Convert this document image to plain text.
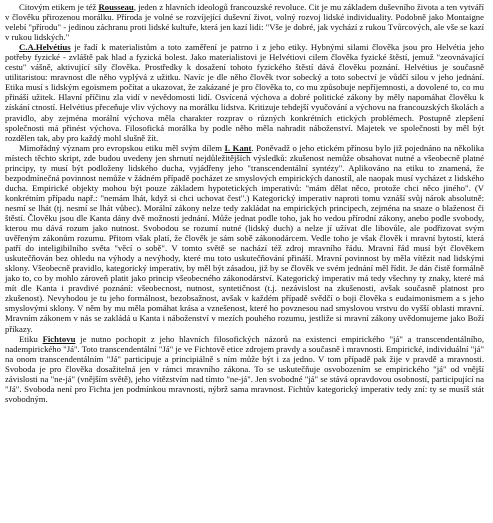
Citovým etikem je též Rousseau, jeden z hlavních ideologů francouzské revoluce. Cit je mu základem duševního života a ten vytváří v člověku přirozenou morálku. Příroda je volné se rozvíjející duševní život, volný rozvoj lidské individuality. Podobně jako Montaigne velebí "přírodu" - jedinou záchranu proti lidské kultuře, která jen kazí lidi: "Vše je dobré, jak vychází z rukou Tvůrcových, ale vše se kazí v rukou lidských."

C.A.Helvétius je řadí k materialistům a toto zaměření je patrno i z jeho etiky. Hybnými silami člověka jsou pro Helvétia jeho potřeby fyzické - zvláště pak hlad a fyzická bolest. Jako materialistovi je Helvétiovi cilem člověka fyzické štěstí, jemuž "zeovnávající cestu" vášně, aktivující síly člověka. Prostředky k dosažení tohoto fyzického štěstí dává člověku poznání. Helvétius je současně utilitaristou: mravnost dle něho vyplývá z užitku. Navíc je dle něho člověk tvor sobecký a toto sobectví je vůdčí silou v jeho jednání. Etika musí s lidským egoismem počítat a ukazovat, že zakázané je pro člověka to, co mu způsobuje nepříjemnosti, a dovolené to, co mu přináší užitek. Hlavní příčinu zla vidí v nevědomosti lidí. Osvícená výchova a dobré politické zákony by měly napomáhat člověku k získání ctností. Helvétius přeceňuje vliv výchovy na morálku lidstva. Kritizuje tehdejší vyučování a výchovu na francouzských školách a pravidlo, aby zejména morální výchova měla charakter rozprav o různých konkrétních etických problémech. Postupně zlepšení společnosti má přinést výchova. Filosofická morálka by podle něho měla nahradit náboženství. Majetek ve společnosti by měl být rozdělen tak, aby pro každý mohl slušně žít.

Mimořádný význam pro evropskou etiku měl svým dílem I. Kant. Poněvadž o jeho etickém přínosu bylo již pojednáno na několika místech těchto skript, zde budou uvedeny jen shrnutí nejdůležitějších výsledků: zkušenost nemůže obsahovat nutné a všeobecně platné principy, ty musí být podloženy lidského ducha, vyjádřeny jeho "transcendentální syntézy". Aplikováno na etiku to znamená, že bezpodmínečná povinnost nemůže v žádném případě pocházet ze smyslových empirických danostíl, ale naopak musí vycházet z lidského ducha. Empirické objekty mohou být pouze základem hypotetických imperativů: "mám dělat něco, protože chci něco jiného". (V konkrétním případu např.: "nemám lhát, když si chci uchovat čest".) Kategorický imperativ naproti tomu vznáší svůj nárok absolutně: nesmí se lhát (tj. nesmí se lhát vůbec). Morální zákony nelze tedy zakládat na empirických principech, zejména na snaze o blaženost či štěstí. Člověku jsou dle Kanta dány dvě možnosti jednání. Může jednat podle toho, jak ho vedou přírodní zákony, anebo podle svobody, kterou mu dává rozum jako nutnost. Svobodou se rozumí nutné (lidský duch) a nelze jí užívat dle libovůle, ale podřizovat svým uvěřeným zákonům rozumu. Přitom však platí, že člověk je sám sobě zákonodárcem. Vedle toho je však člověk i mravní bytostí, která patří do inteligibilního světa "věcí o sobě". V tomto světě se nachází též zdroj mravního řádu. Mravní řád musí být člověkem uskutečňován bez ohledu na výhody a nevýhody, které mu toto uskutečňování přináší. Mravní povinnost by měla vítězit nad lidskými sklony. Všeobecně pravidlo, kategorický imperativ, by měl být zásadou, již by se člověk ve svém jednání měl řídit. Je dán čistě formálně jako to, co by mohlo zároveň platit jako princip všeobecného zákonodárství. Kategorický imperativ má tedy všechny ty znaky, které má mít dle Kanta i pravdivé poznání: všeobecnost, nutnost, syntetičnost (t.j. nezávislost na zkušenosti, avšak současně platnost pro zkušenost). Nevyhodou je tu jeho formálnost, bezobsažnost, avšak v každém případě svědčí o boji člověka s eudaimonismem a s jeho smyslovými sklony. V něm by mu měla pomáhat krása a vznešenost, které ho povznesou nad smyslovou vrstvu do vyšší oblasti mravní. Mravním zákonem v nás se zakládá u Kanta i náboženství v mezích pouhého rozumu, jestliže si mravní zákony uvědomujeme jako Boží příkazy.

Etiku Fichtovu je nutno pochopit z jeho hlavních filosofických názorů na existenci empirického "já" a transcendentálního, nadempirického "Já". Toto transcendentální "Já" je ve Fichtově etice zdrojem pravdy a současně i mravnosti. Empirické, individuální "já" na onom transcendentálním "Já" participuje a principiálně s ním může být i za jedno. V tom případě pak žije v pravdě a mravnosti. Svoboda je pro člověka dosažitelná jen v rámci mravního zákona. To se uskutečňuje osvobozením se empirického "já" od vnější závislosti na "ne-já" (vnějším světě), jeho vítězstvím nad tímto "ne-já". Jen svobodné "já" se stává opravdovou osobností, participující na "Já". Svoboda není pro Fichta jen podmínkou mravnosti, nýbrž sama mravnost. Fichtův kategorický imperativ tedy zní: ty se musíš stát svobodným.
